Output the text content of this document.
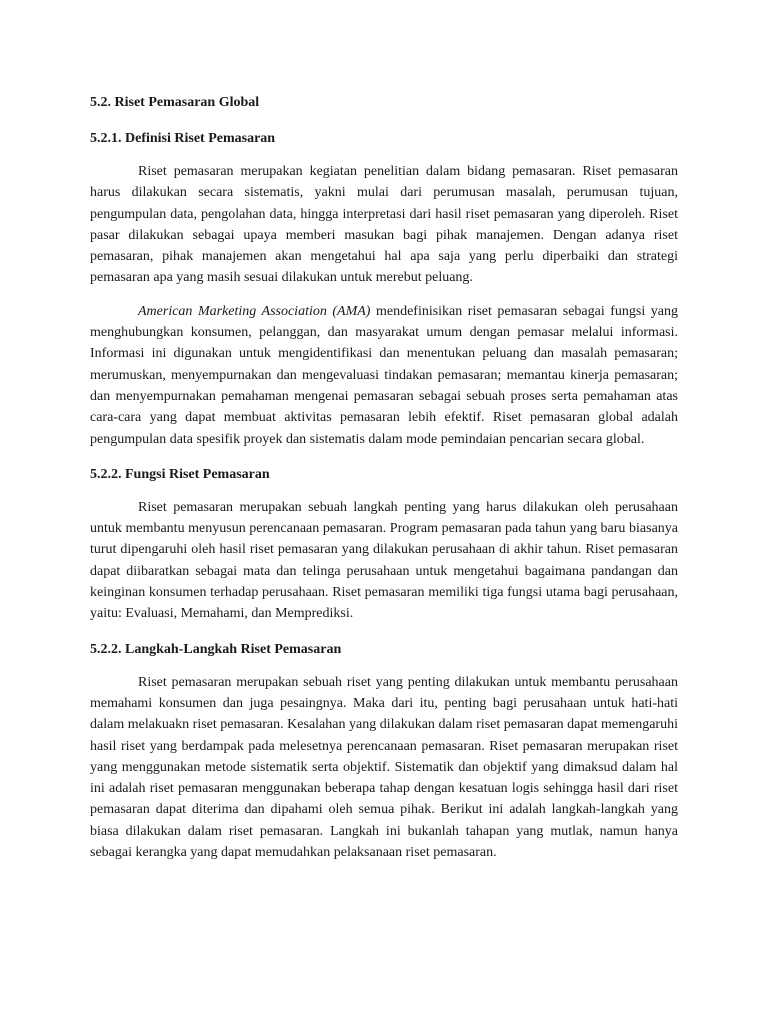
5.2. Riset Pemasaran Global
5.2.1. Definisi Riset Pemasaran

Riset pemasaran merupakan kegiatan penelitian dalam bidang pemasaran. Riset pemasaran harus dilakukan secara sistematis, yakni mulai dari perumusan masalah, perumusan tujuan, pengumpulan data, pengolahan data, hingga interpretasi dari hasil riset pemasaran yang diperoleh. Riset pasar dilakukan sebagai upaya memberi masukan bagi pihak manajemen. Dengan adanya riset pemasaran, pihak manajemen akan mengetahui hal apa saja yang perlu diperbaiki dan strategi pemasaran apa yang masih sesuai dilakukan untuk merebut peluang.

American Marketing Association (AMA) mendefinisikan riset pemasaran sebagai fungsi yang menghubungkan konsumen, pelanggan, dan masyarakat umum dengan pemasar melalui informasi. Informasi ini digunakan untuk mengidentifikasi dan menentukan peluang dan masalah pemasaran; merumuskan, menyempurnakan dan mengevaluasi tindakan pemasaran; memantau kinerja pemasaran; dan menyempurnakan pemahaman mengenai pemasaran sebagai sebuah proses serta pemahaman atas cara-cara yang dapat membuat aktivitas pemasaran lebih efektif. Riset pemasaran global adalah pengumpulan data spesifik proyek dan sistematis dalam mode pemindaian pencarian secara global.

5.2.2. Fungsi Riset Pemasaran

Riset pemasaran merupakan sebuah langkah penting yang harus dilakukan oleh perusahaan untuk membantu menyusun perencanaan pemasaran. Program pemasaran pada tahun yang baru biasanya turut dipengaruhi oleh hasil riset pemasaran yang dilakukan perusahaan di akhir tahun. Riset pemasaran dapat diibaratkan sebagai mata dan telinga perusahaan untuk mengetahui bagaimana pandangan dan keinginan konsumen terhadap perusahaan. Riset pemasaran memiliki tiga fungsi utama bagi perusahaan, yaitu: Evaluasi, Memahami, dan Memprediksi.

5.2.2. Langkah-Langkah Riset Pemasaran

Riset pemasaran merupakan sebuah riset yang penting dilakukan untuk membantu perusahaan memahami konsumen dan juga pesaingnya. Maka dari itu, penting bagi perusahaan untuk hati-hati dalam melakuakn riset pemasaran. Kesalahan yang dilakukan dalam riset pemasaran dapat memengaruhi hasil riset yang berdampak pada melesetnya perencanaan pemasaran. Riset pemasaran merupakan riset yang menggunakan metode sistematik serta objektif. Sistematik dan objektif yang dimaksud dalam hal ini adalah riset pemasaran menggunakan beberapa tahap dengan kesatuan logis sehingga hasil dari riset pemasaran dapat diterima dan dipahami oleh semua pihak. Berikut ini adalah langkah-langkah yang biasa dilakukan dalam riset pemasaran. Langkah ini bukanlah tahapan yang mutlak, namun hanya sebagai kerangka yang dapat memudahkan pelaksanaan riset pemasaran.
